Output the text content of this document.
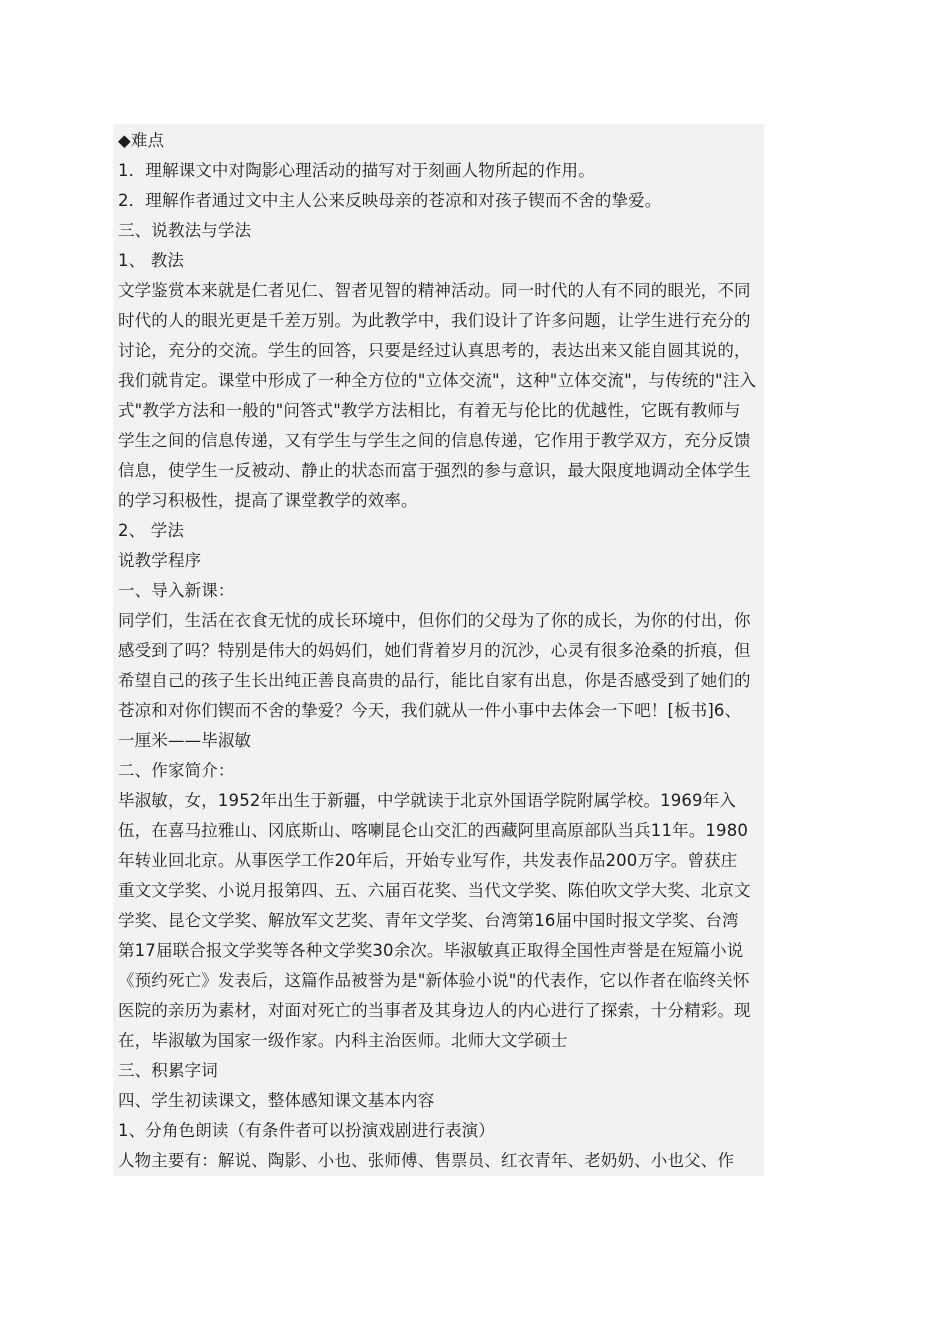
◆难点
1．理解课文中对陶影心理活动的描写对于刻画人物所起的作用。
2．理解作者通过文中主人公来反映母亲的苍凉和对孩子锲而不舍的挚爱。
三、说教法与学法
1、 教法
文学鉴赏本来就是仁者见仁、智者见智的精神活动。同一时代的人有不同的眼光，不同
时代的人的眼光更是千差万别。为此教学中，我们设计了许多问题，让学生进行充分的
讨论，充分的交流。学生的回答，只要是经过认真思考的，表达出来又能自圆其说的，
我们就肯定。课堂中形成了一种全方位的"立体交流"，这种"立体交流"，与传统的"注入
式"教学方法和一般的"问答式"教学方法相比，有着无与伦比的优越性，它既有教师与
学生之间的信息传递，又有学生与学生之间的信息传递，它作用于教学双方，充分反馈
信息，使学生一反被动、静止的状态而富于强烈的参与意识，最大限度地调动全体学生
的学习积极性，提高了课堂教学的效率。
2、 学法
说教学程序
一、导入新课：
同学们，生活在衣食无忧的成长环境中，但你们的父母为了你的成长，为你的付出，你
感受到了吗？特别是伟大的妈妈们，她们背着岁月的沉沙，心灵有很多沧桑的折痕，但
希望自己的孩子生长出纯正善良高贵的品行，能比自家有出息，你是否感受到了她们的
苍凉和对你们锲而不舍的挚爱？今天，我们就从一件小事中去体会一下吧！[板书]6、
一厘米——毕淑敏
二、作家简介：
毕淑敏，女，1952年出生于新疆，中学就读于北京外国语学院附属学校。1969年入
伍，在喜马拉雅山、冈底斯山、喀喇昆仑山交汇的西藏阿里高原部队当兵11年。1980
年转业回北京。从事医学工作20年后，开始专业写作，共发表作品200万字。曾获庄
重文文学奖、小说月报第四、五、六届百花奖、当代文学奖、陈伯吹文学大奖、北京文
学奖、昆仑文学奖、解放军文艺奖、青年文学奖、台湾第16届中国时报文学奖、台湾
第17届联合报文学奖等各种文学奖30余次。毕淑敏真正取得全国性声誉是在短篇小说
《预约死亡》发表后，这篇作品被誉为是"新体验小说"的代表作，它以作者在临终关怀
医院的亲历为素材，对面对死亡的当事者及其身边人的内心进行了探索，十分精彩。现
在，毕淑敏为国家一级作家。内科主治医师。北师大文学硕士
三、积累字词
四、学生初读课文，整体感知课文基本内容
1、分角色朗读（有条件者可以扮演戏剧进行表演）
人物主要有：解说、陶影、小也、张师傅、售票员、红衣青年、老奶奶、小也父、作
